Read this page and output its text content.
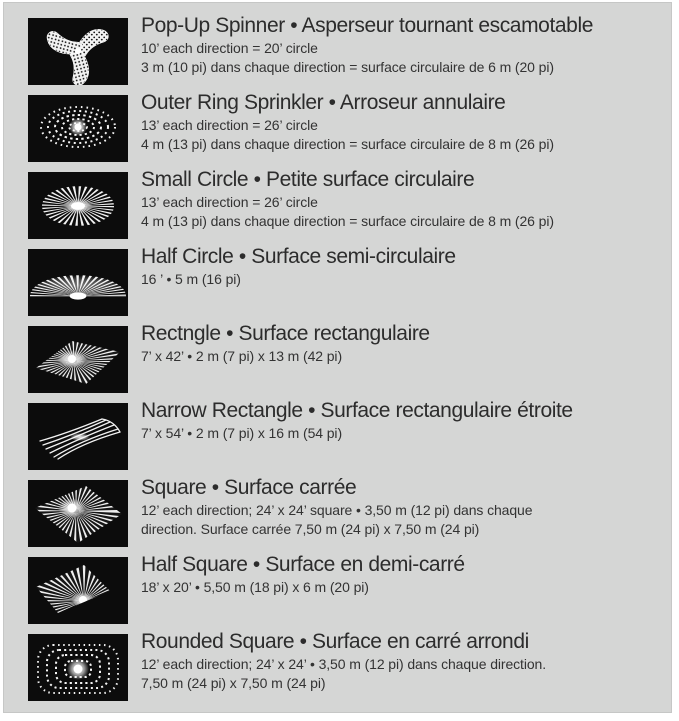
Pop-Up Spinner • Asperseur tournant escamotable
10’ each direction = 20’ circle
3 m (10 pi) dans chaque direction = surface circulaire de 6 m (20 pi)
Outer Ring Sprinkler • Arroseur annulaire
13’ each direction = 26’ circle
4 m (13 pi) dans chaque direction = surface circulaire de 8 m (26 pi)
Small Circle • Petite surface circulaire
13’ each direction = 26’ circle
4 m (13 pi) dans chaque direction = surface circulaire de 8 m (26 pi)
Half Circle • Surface semi-circulaire
16 ’ • 5 m (16 pi)
Rectngle • Surface rectangulaire
7’ x 42’ • 2 m (7 pi) x 13 m (42 pi)
Narrow Rectangle • Surface rectangulaire étroite
7’ x 54’ • 2 m (7 pi) x 16 m (54 pi)
Square • Surface carrée
12’ each direction; 24’ x 24’ square • 3,50 m (12 pi) dans chaque
direction. Surface carrée 7,50 m (24 pi) x 7,50 m (24 pi)
Half Square • Surface en demi-carré
18’ x 20’ • 5,50 m (18 pi) x 6 m (20 pi)
Rounded Square • Surface en carré arrondi
12’ each direction; 24’ x 24’ • 3,50 m (12 pi) dans chaque direction.
7,50 m (24 pi) x 7,50 m (24 pi)
